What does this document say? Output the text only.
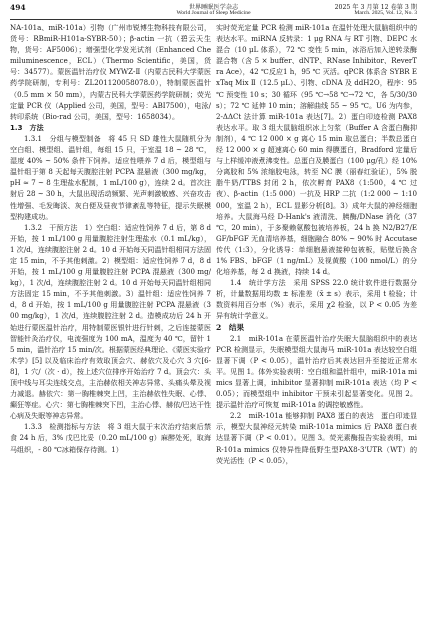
494	世界睡眠医学杂志
World Journal of Sleep Medicine
2025 年 3 月第 12 卷第 3 期
March. 2025, Vol. 12, No. 3

NA-101a、miR-101a）引物（广州市锐博生物科技有限公司，货号：RBmiR-H101a-SYBR-50）；β-actin 一抗（碧云天生物，货号：AF5006）；增强型化学发光试剂（Enhanced Chemiluminescence，ECL）（Thermo Scientific，美国，货号：34577）。蒙医温针治疗仪 MYWZ-Ⅱ（内蒙古民科大学蒙医药学院研制，专利号：ZL201120058078.0），特制蒙医温针（0.5 mm × 50 mm），内蒙古民科大学蒙医药学院研制；荧光定量 PCR 仪（Applied 公司，美国，型号：ABI7500），电泳/转印系统（Bio-rad 公司，美国，型号：1658034）。

1.3　方法

1.3.1　分组与模型制备　将 45 只 SD 雄性大鼠随机分为空白组、模型组、温针组，每组 15 只，于室温 18 ~ 28 ℃，湿度 40% ~ 50% 条件下饲养。适应性喂养 7 d 后，模型组与温针组于第 8 天起每天腹腔注射 PCPA 混悬液（300 mg/kg，pH ≈ 7 ~ 8 生理盐水配制，1 mL/100 g），连续 2 d。首次注射后 28 ~ 30 h，大鼠出现活动频繁、光声刺激敏感、兴奋攻击性增强、毛发晦淡、灰白便及昼夜节律紊乱等特征，提示失眠模型构建成功。

1.3.2　干预方法　1）空白组：适应性饲养 7 d 后，第 8 d 开始，按 1 mL/100 g 用量腹腔注射生理盐水（0.1 mL/kg），1 次/d，连续腹腔注射 2 d。10 d 开始每天同温针组相同方法固定 15 min，不予其他刺激。2）模型组：适应性饲养 7 d，8 d 开始，按 1 mL/100 g 用量腹腔注射 PCPA 混悬液（300 mg/kg），1 次/d，连续腹腔注射 2 d。10 d 开始每天同温针组相同方法固定 15 min，不予其他刺激。3）温针组：适应性饲养 7 d，8 d 开始，按 1 mL/100 g 用量腹腔注射 PCPA 混悬液（300 mg/kg），1 次/d，连续腹腔注射 2 d。造模成功后 24 h 开始进行蒙医温针治疗，用特制蒙医银针进行针刺，之后连接蒙医智能针灸治疗仪，电流强度为 100 mA，温度为 40 ℃，留针 15 min，温针治疗 15 min/次。根据蒙医经典理论、《蒙医实验疗术学》[5] 以及临床治疗有效取顶会穴、赫依穴及心穴 3 穴[6-8]，1 穴/（次 · d），按上述穴位排序开始治疗 7 d。顶会穴：头顶中线与耳尖连线交点，主治赫依相关神志异常、头痛头晕及视力减退。赫依穴：第一胸椎棘突上凹，主治赫依性失眠、心悸、癫狂等症。心穴：第七胸椎棘突下凹，主治心悸、赫依/巴达干性心病及失眠等神志异常。

1.3.3　检测指标与方法　将 3 组大鼠于末次治疗结束后禁食 24 h 后，3% 戊巴比妥（0.20 mL/100 g）麻醉处死，取海马组织，- 80 ℃冰箱保存待测。1）

实时荧光定量 PCR 检测 miR-101a 在温针处理大鼠脑组织中的表达水平。miRNA 反转录：1 μg RNA 与 RT 引物、DEPC 水混合（10 μL 体系），72 ℃ 变性 5 min，冰浴后加入逆转录酶混合物（含 5 × buffer、dNTP、RNase Inhibitor、ReverTra Ace），42 ℃反应1 h，95 ℃ 灭活。qPCR 体系含 SYBR ExTaq Mix Ⅱ（12.5 μL）、引物、cDNA 及 ddH2O，程序：95 ℃ 预变性 10 s；30 循环（95 ℃→58 ℃→72 ℃，各 5/30/30 s）；72 ℃ 延伸 10 min；溶解曲线 55 ~ 95 ℃。U6 为内参，2-ΔΔCt 法计算 miR-101a 表达[7]。2）蛋白印迹检测 PAX8 表达水平。取 3 组大鼠脑组织冰上匀浆（Buffer A 含蛋白酶抑制剂），4 ℃ 12 000 × g 离心 15 min 取总蛋白；半数总蛋白经 12 000 × g 超速离心 60 min 得膜蛋白，Bradford 定量后与上样缓冲液煮沸变性。总蛋白及膜蛋白（100 μg/孔）经 10% 分离胶和 5% 浓缩胶电泳，转至 NC 膜（丽春红验证），5% 脱脂牛奶/TTBS 封闭 2 h，依次孵育 PAX8（1:500，4 ℃ 过夜）、β-actin（1:5 000）一抗及 HRP 二抗（1:2 000 ~ 1:10 000，室温 2 h），ECL 显影分析[8]。3）成年大鼠的神经细胞培养。大鼠海马经 D-Hank's 液清洗、胰酶/DNase 消化（37 ℃，20 min），于多聚赖氨酸包被培养板，24 h 换 N2/B27/EGF/bFGF 无血清培养基，细胞融合 80% ~ 90% 时 Accutase 传代（1:3），分化诱导：单细胞悬液接种包被板，贴壁后换含 1% FBS、bFGF（1 ng/mL）及视黄酸（100 nmol/L）的分化培养基，每 2 d 换液，持续 14 d。

1.4　统计学方法　采用 SPSS 22.0 统计软件进行数据分析，计量数据用均数 ± 标准差（x̄ ± s）表示，采用 t 检验；计数资料用百分率（%）表示，采用 χ2 检验，以 P < 0.05 为差异有统计学意义。

2　结果

2.1　miR-101a 在蒙医温针治疗失眠大鼠脑组织中的表达　PCR 检测显示，失眠模型组大鼠海马 miR-101a 表达较空白组显著下调（P < 0.05），温针治疗后其表达回升至接近正常水平。见图 1。体外实验表明：空白组和温针组中，miR-101a mimics 显著上调，inhibitor 显著抑制 miR-101a 表达（均 P < 0.05）；而模型组中 inhibitor 干预未引起显著变化。见图 2。提示温针治疗可恢复 miR-101a 的调控敏感性。

2.2　miR-101a 能够抑制 PAX8 蛋白的表达　蛋白印迹显示，模型大鼠神经元转染 miR-101a mimics 后 PAX8 蛋白表达显著下调（P < 0.01）。见图 3。荧光素酶报告实验表明，miR-101a mimics 仅特异性降低野生型PAX8-3'UTR（WT）的荧光活性（P < 0.05），
